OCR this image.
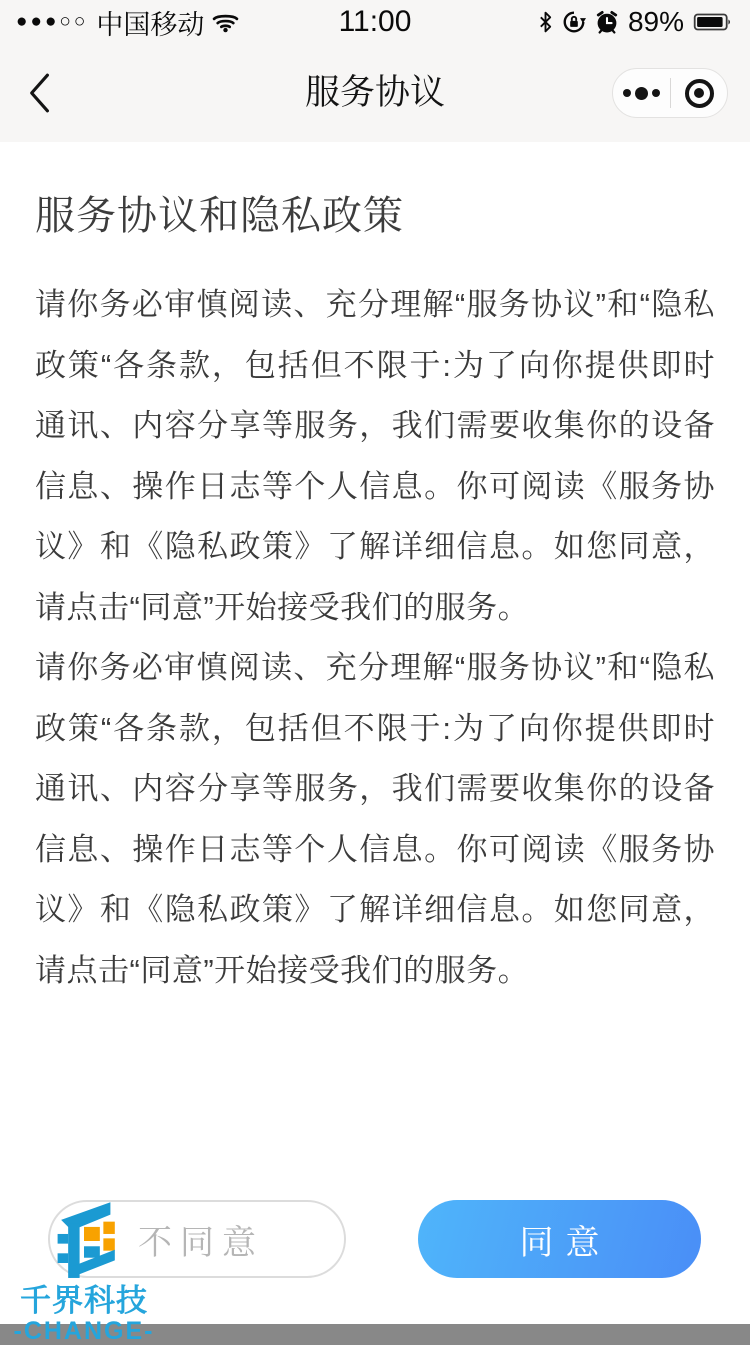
●●●○○ 中国移动	11:00	89%
服务协议
服务协议和隐私政策

请你务必审慎阅读、充分理解“服务协议”和“隐私政策“各条款，包括但不限于:为了向你提供即时通讯、内容分享等服务，我们需要收集你的设备信息、操作日志等个人信息。你可阅读《服务协议》和《隐私政策》了解详细信息。如您同意，请点击“同意”开始接受我们的服务。

请你务必审慎阅读、充分理解“服务协议”和“隐私政策“各条款，包括但不限于:为了向你提供即时通讯、内容分享等服务，我们需要收集你的设备信息、操作日志等个人信息。你可阅读《服务协议》和《隐私政策》了解详细信息。如您同意，请点击“同意”开始接受我们的服务。

不同意	同意
千界科技
-CHANGE-
